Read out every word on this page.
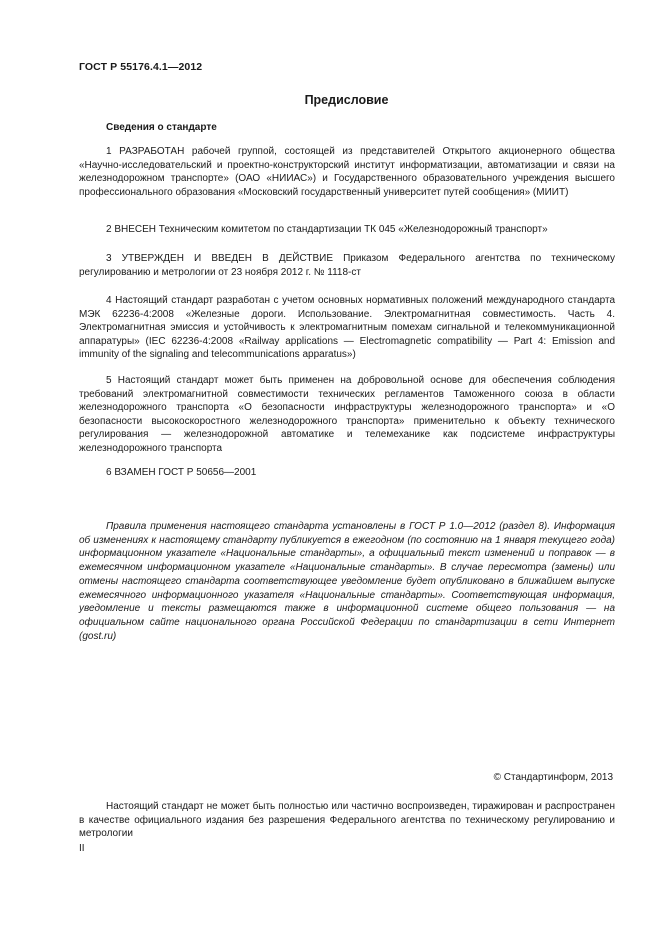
ГОСТ Р 55176.4.1—2012
Предисловие
Сведения о стандарте

1 РАЗРАБОТАН рабочей группой, состоящей из представителей Открытого акционерного общества «Научно-исследовательский и проектно-конструкторский институт информатизации, автоматизации и связи на железнодорожном транспорте» (ОАО «НИИАС») и Государственного образовательного учреждения высшего профессионального образования «Московский государственный университет путей сообщения» (МИИТ)

2 ВНЕСЕН Техническим комитетом по стандартизации ТК 045 «Железнодорожный транспорт»

3 УТВЕРЖДЕН И ВВЕДЕН В ДЕЙСТВИЕ Приказом Федерального агентства по техническому регулированию и метрологии от 23 ноября 2012 г. № 1118-ст

4 Настоящий стандарт разработан с учетом основных нормативных положений международного стандарта МЭК 62236-4:2008 «Железные дороги. Использование. Электромагнитная совместимость. Часть 4. Электромагнитная эмиссия и устойчивость к электромагнитным помехам сигнальной и телекоммуникационной аппаратуры» (IEC 62236-4:2008 «Railway applications — Electromagnetic compatibility — Part 4: Emission and immunity of the signaling and telecommunications apparatus»)

5 Настоящий стандарт может быть применен на добровольной основе для обеспечения соблюдения требований электромагнитной совместимости технических регламентов Таможенного союза в области железнодорожного транспорта «О безопасности инфраструктуры железнодорожного транспорта» и «О безопасности высокоскоростного железнодорожного транспорта» применительно к объекту технического регулирования — железнодорожной автоматике и телемеханике как подсистеме инфраструктуры железнодорожного транспорта

6 ВЗАМЕН ГОСТ Р 50656—2001

Правила применения настоящего стандарта установлены в ГОСТ Р 1.0—2012 (раздел 8). Информация об изменениях к настоящему стандарту публикуется в ежегодном (по состоянию на 1 января текущего года) информационном указателе «Национальные стандарты», а официальный текст изменений и поправок — в ежемесячном информационном указателе «Национальные стандарты». В случае пересмотра (замены) или отмены настоящего стандарта соответствующее уведомление будет опубликовано в ближайшем выпуске ежемесячного информационного указателя «Национальные стандарты». Соответствующая информация, уведомление и тексты размещаются также в информационной системе общего пользования — на официальном сайте национального органа Российской Федерации по стандартизации в сети Интернет (gost.ru)

© Стандартинформ, 2013

Настоящий стандарт не может быть полностью или частично воспроизведен, тиражирован и распространен в качестве официального издания без разрешения Федерального агентства по техническому регулированию и метрологии

II
